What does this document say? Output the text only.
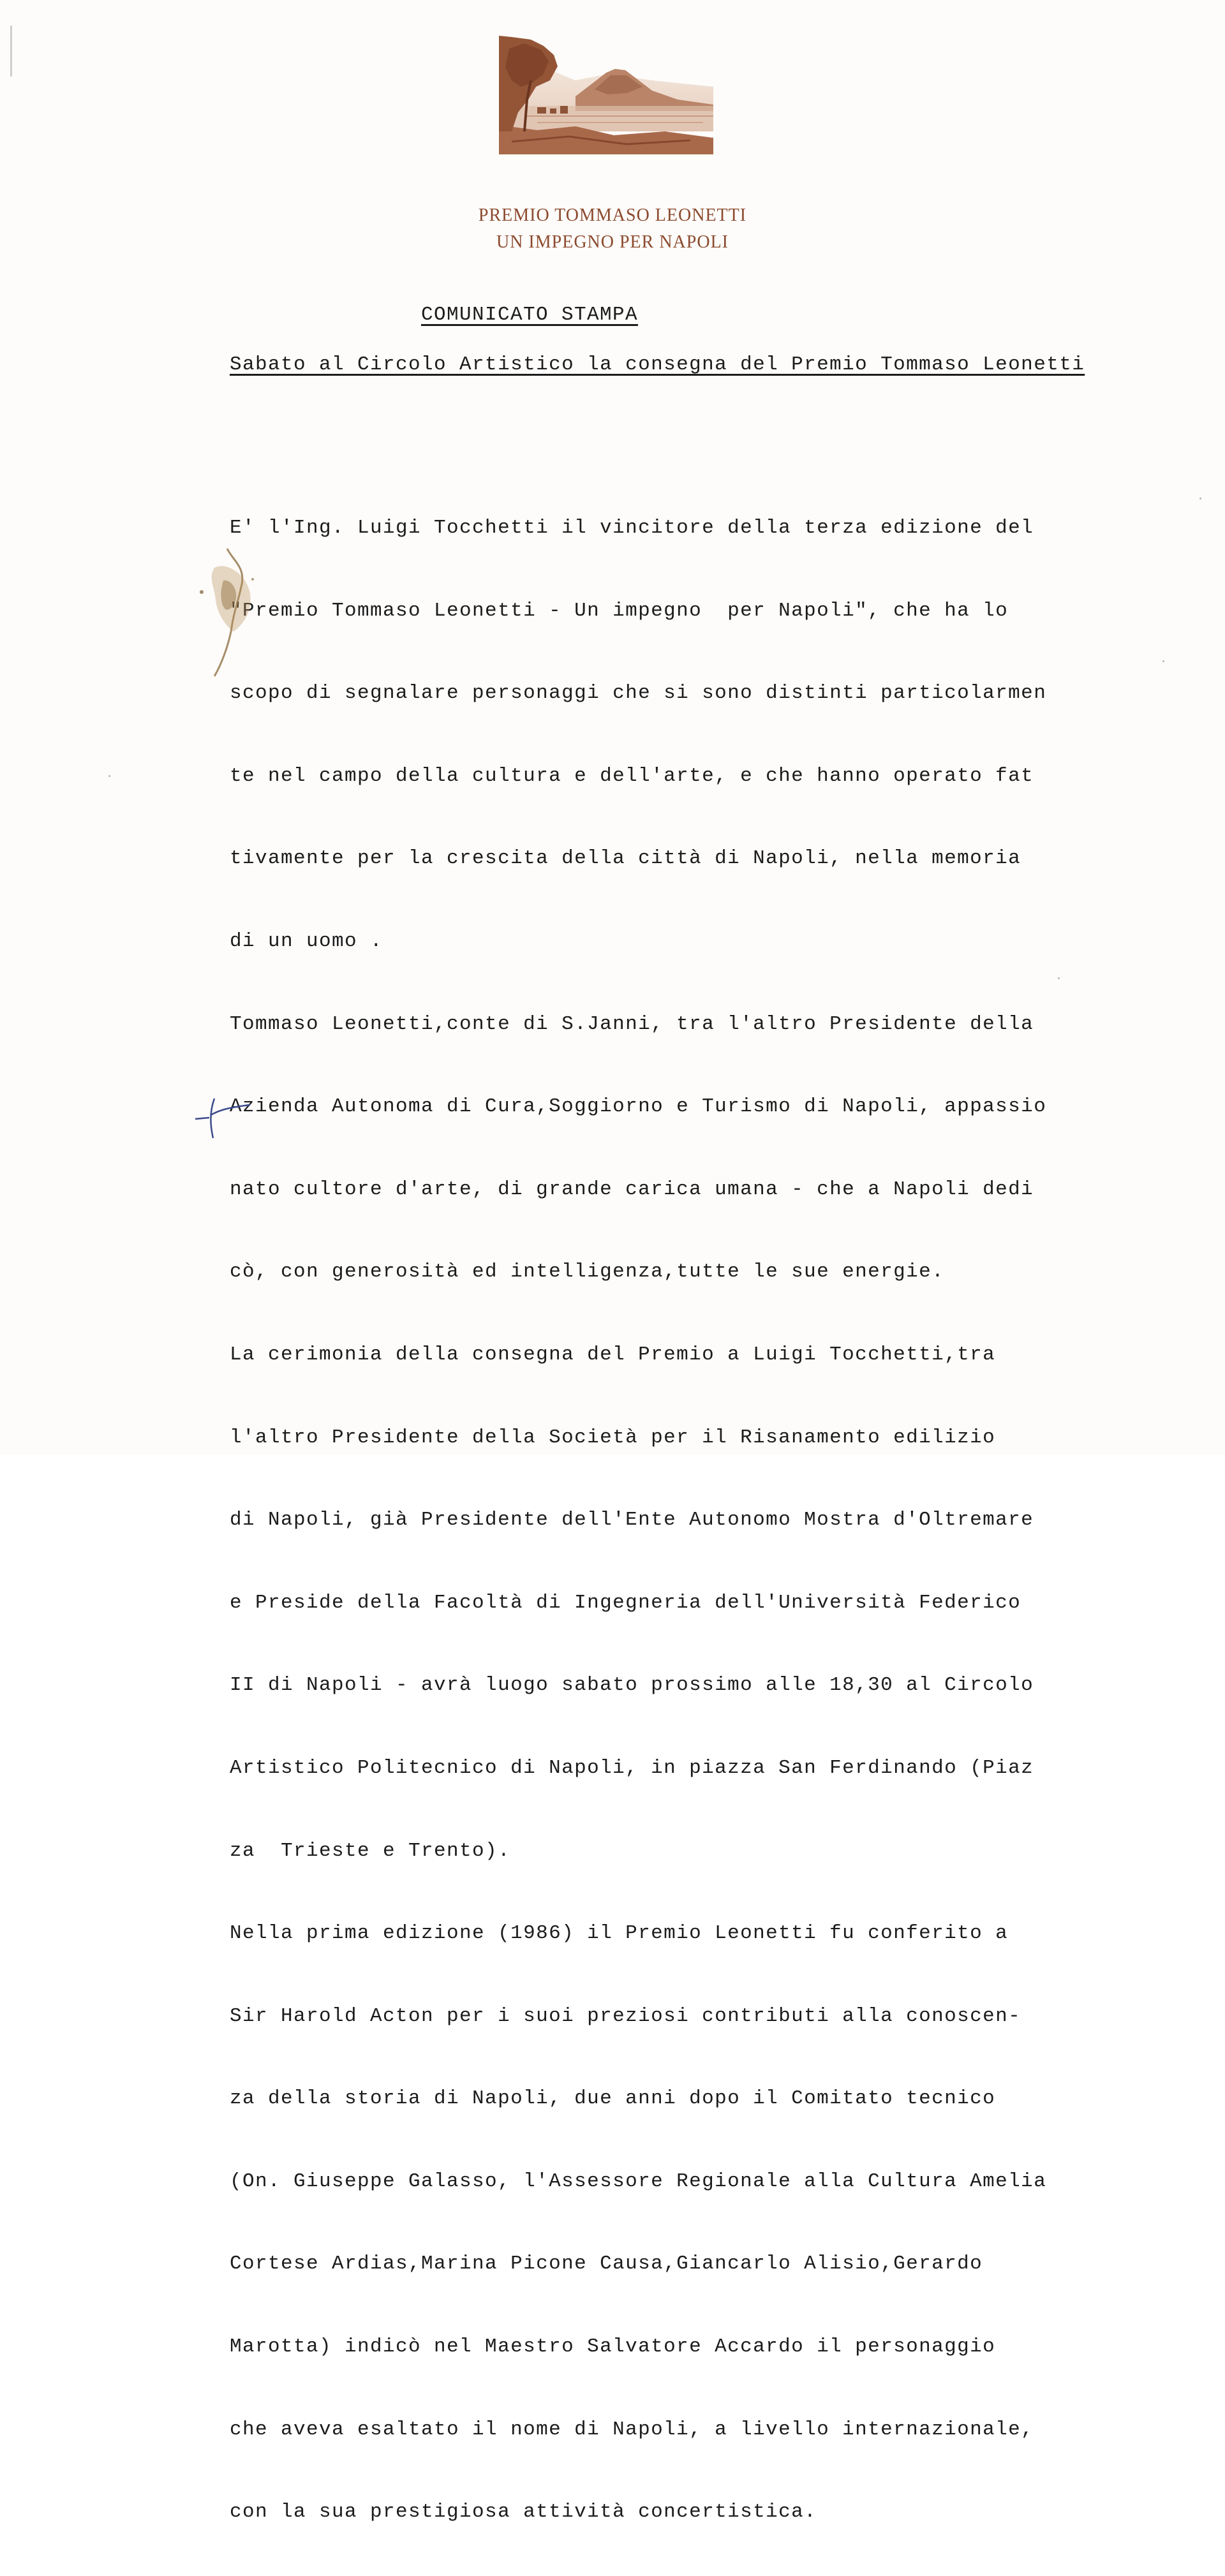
PREMIO TOMMASO LEONETTI
UN IMPEGNO PER NAPOLI
COMUNICATO STAMPA
Sabato al Circolo Artistico la consegna del Premio Tommaso Leonetti

E' l'Ing. Luigi Tocchetti il vincitore della terza edizione del

"Premio Tommaso Leonetti - Un impegno  per Napoli", che ha lo

scopo di segnalare personaggi che si sono distinti particolarmen

te nel campo della cultura e dell'arte, e che hanno operato fat

tivamente per la crescita della città di Napoli, nella memoria

di un uomo .

Tommaso Leonetti,conte di S.Janni, tra l'altro Presidente della

Azienda Autonoma di Cura,Soggiorno e Turismo di Napoli, appassio

nato cultore d'arte, di grande carica umana - che a Napoli dedi

cò, con generosità ed intelligenza,tutte le sue energie.

La cerimonia della consegna del Premio a Luigi Tocchetti,tra

l'altro Presidente della Società per il Risanamento edilizio

di Napoli, già Presidente dell'Ente Autonomo Mostra d'Oltremare

e Preside della Facoltà di Ingegneria dell'Università Federico

II di Napoli - avrà luogo sabato prossimo alle 18,30 al Circolo

Artistico Politecnico di Napoli, in piazza San Ferdinando (Piaz

za  Trieste e Trento).

Nella prima edizione (1986) il Premio Leonetti fu conferito a

Sir Harold Acton per i suoi preziosi contributi alla conoscen-

za della storia di Napoli, due anni dopo il Comitato tecnico

(On. Giuseppe Galasso, l'Assessore Regionale alla Cultura Amelia

Cortese Ardias,Marina Picone Causa,Giancarlo Alisio,Gerardo

Marotta) indicò nel Maestro Salvatore Accardo il personaggio

che aveva esaltato il nome di Napoli, a livello internazionale,

con la sua prestigiosa attività concertistica.
